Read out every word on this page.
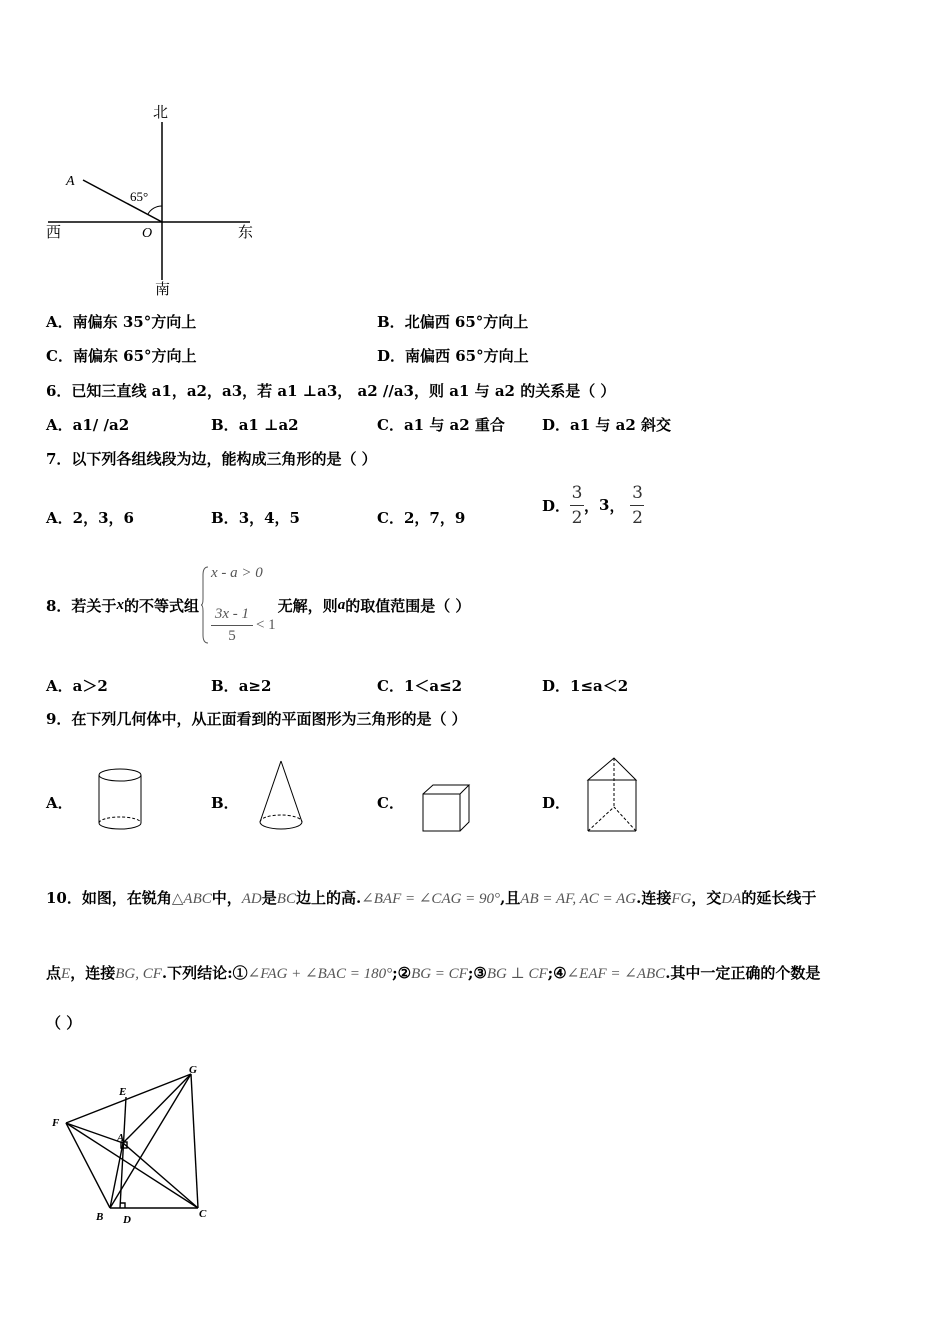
北
南
西	东
O
A
65°
A．南偏东 35°方向上	B．北偏西 65°方向上
C．南偏东 65°方向上	D．南偏西 65°方向上
6．已知三直线 a1，a2，a3，若 a1 ⊥a3， a2 //a3，则 a1 与 a2 的关系是（ ）
A．a1/ /a2	B．a1 ⊥a2	C．a1 与 a2 重合 D．a1 与 a2 斜交
7．以下列各组线段为边，能构成三角形的是（ ）
A．2，3，6	B．3，4，5	C．2，7，9
D． $\frac{3}{2}$ ， 3 ， $\frac{3}{2}$
8．若关于 x 的不等式组
x - a > 0
$\frac{3x - 1}{5} < 1$
无解，则 a 的取值范围是（ ）
A．a＞2	B．a≥2	C．1＜a≤2	D．1≤a＜2
9．在下列几何体中，从正面看到的平面图形为三角形的是（ ）
A．	B．	C．	D．
10．如图，在锐角△ABC中，AD是BC边上的高.∠BAF = ∠CAG = 90°,且AB = AF, AC = AG.连接FG，交DA的延长线于
点E，连接BG, CF.下列结论:①∠FAG + ∠BAC = 180°;②BG = CF;③BG ⊥ CF;④∠EAF = ∠ABC.其中一定正确的个数是
（ ）
G
E
F
A
B D	C
